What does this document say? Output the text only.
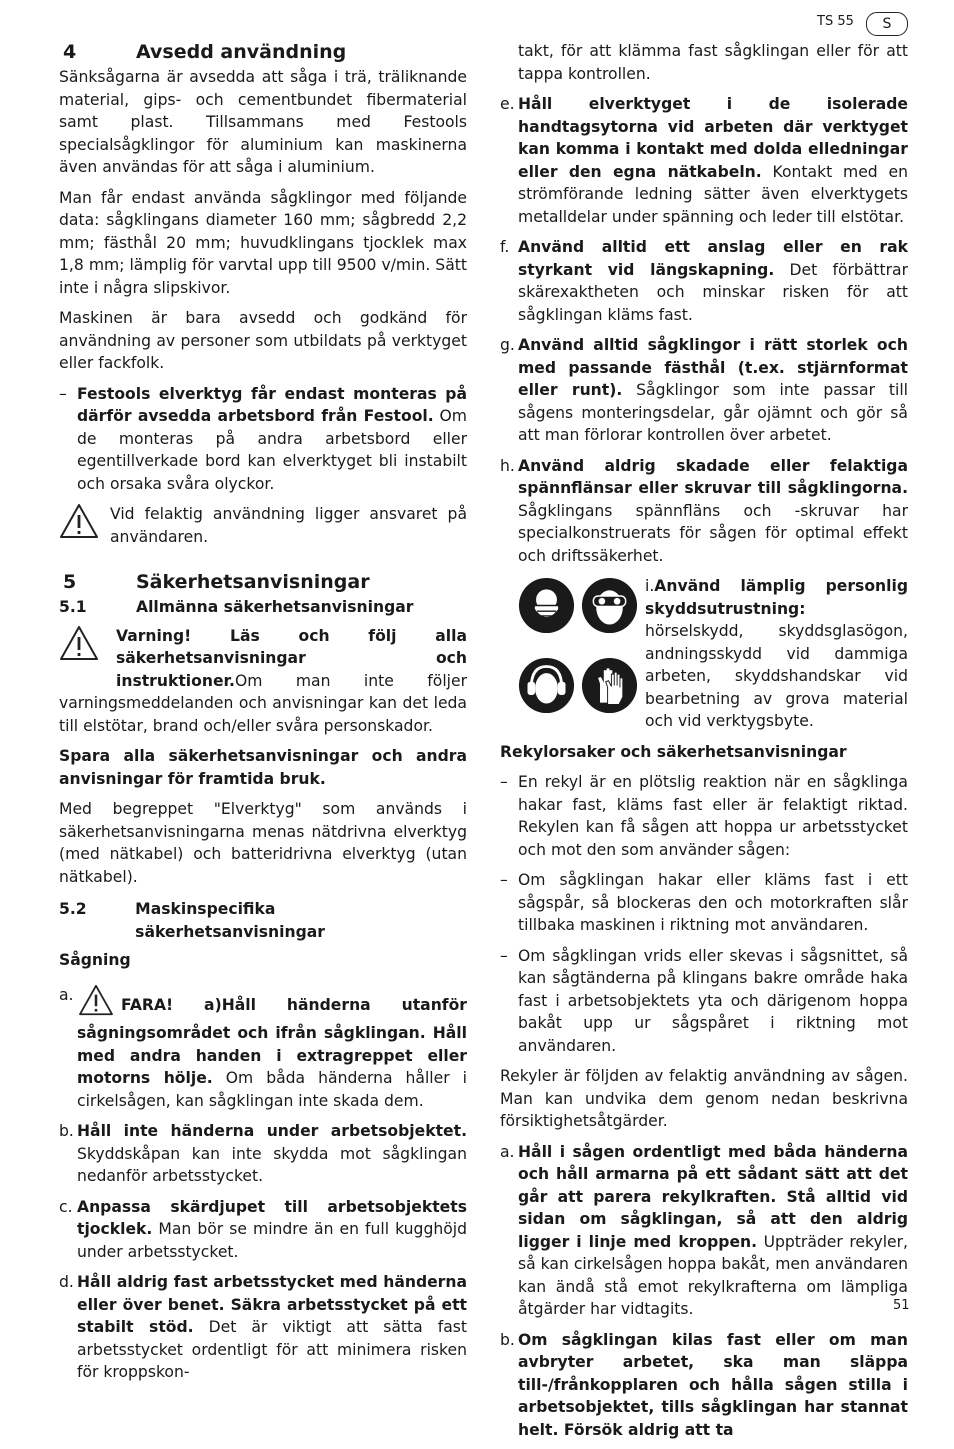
TS 55	S
4	Avsedd användning

Sänksågarna är avsedda att såga i trä, träliknande material, gips- och cementbundet fibermaterial samt plast. Tillsammans med Festools specialsågklingor för aluminium kan maskinerna även användas för att såga i aluminium.

Man får endast använda sågklingor med följande data: sågklingans diameter 160 mm; sågbredd 2,2 mm; fästhål 20 mm; huvudklingans tjocklek max 1,8 mm; lämplig för varvtal upp till 9500 v/min. Sätt inte i några slipskivor.

Maskinen är bara avsedd och godkänd för användning av personer som utbildats på verktyget eller fackfolk.

– Festools elverktyg får endast monteras på därför avsedda arbetsbord från Festool. Om de monteras på andra arbetsbord eller egentillverkade bord kan elverktyget bli instabilt och orsaka svåra olyckor.
Vid felaktig användning ligger ansvaret på användaren.
5	Säkerhetsanvisningar
5.1	Allmänna säkerhetsanvisningar
Varning! Läs och följ alla säkerhetsanvisningar och instruktioner.Om man inte följer varningsmeddelanden och anvisningar kan det leda till elstötar, brand och/eller svåra personskador.

Spara alla säkerhetsanvisningar och andra anvisningar för framtida bruk.

Med begreppet "Elverktyg" som används i säkerhetsanvisningarna menas nätdrivna elverktyg (med nätkabel) och batteridrivna elverktyg (utan nätkabel).

5.2	Maskinspecifika säkerhetsanvisningar
Sågning
a.
FARA! a)Håll händerna utanför sågningsområdet och ifrån sågklingan. Håll med andra handen i extragreppet eller motorns hölje. Om båda händerna håller i cirkelsågen, kan sågklingan inte skada dem.
b. Håll inte händerna under arbetsobjektet. Skyddskåpan kan inte skydda mot sågklingan nedanför arbetsstycket.
c. Anpassa skärdjupet till arbetsobjektets tjocklek. Man bör se mindre än en full kugghöjd under arbetsstycket.
d. Håll aldrig fast arbetsstycket med händerna eller över benet. Säkra arbetsstycket på ett stabilt stöd. Det är viktigt att sätta fast arbetsstycket ordentligt för att minimera risken för kroppskon-
takt, för att klämma fast sågklingan eller för att tappa kontrollen.
e. Håll elverktyget i de isolerade handtagsytorna vid arbeten där verktyget kan komma i kontakt med dolda elledningar eller den egna nätkabeln. Kontakt med en strömförande ledning sätter även elverktygets metalldelar under spänning och leder till elstötar.
f. Använd alltid ett anslag eller en rak styrkant vid längskapning. Det förbättrar skärexaktheten och minskar risken för att sågklingan kläms fast.
g. Använd alltid sågklingor i rätt storlek och med passande fästhål (t.ex. stjärnformat eller runt). Sågklingor som inte passar till sågens monteringsdelar, går ojämnt och gör så att man förlorar kontrollen över arbetet.
h. Använd aldrig skadade eller felaktiga spännflänsar eller skruvar till sågklingorna. Sågklingans spännfläns och -skruvar har specialkonstruerats för sågen för optimal effekt och driftssäkerhet.
i.Använd lämplig personlig skyddsutrustning: hörselskydd, skyddsglasögon, andningsskydd vid dammiga arbeten, skyddshandskar vid bearbetning av grova material och vid verktygsbyte.

Rekylorsaker och säkerhetsanvisningar

– En rekyl är en plötslig reaktion när en sågklinga hakar fast, kläms fast eller är felaktigt riktad. Rekylen kan få sågen att hoppa ur arbetsstycket och mot den som använder sågen:
– Om sågklingan hakar eller kläms fast i ett sågspår, så blockeras den och motorkraften slår tillbaka maskinen i riktning mot användaren.
– Om sågklingan vrids eller skevas i sågsnittet, så kan sågtänderna på klingans bakre område haka fast i arbetsobjektets yta och därigenom hoppa bakåt upp ur sågspåret i riktning mot användaren.

Rekyler är följden av felaktig användning av sågen. Man kan undvika dem genom nedan beskrivna försiktighetsåtgärder.

a. Håll i sågen ordentligt med båda händerna och håll armarna på ett sådant sätt att det går att parera rekylkraften. Stå alltid vid sidan om sågklingan, så att den aldrig ligger i linje med kroppen. Uppträder rekyler, så kan cirkelsågen hoppa bakåt, men användaren kan ändå stå emot rekylkrafterna om lämpliga åtgärder har vidtagits.
b. Om sågklingan kilas fast eller om man avbryter arbetet, ska man släppa till-/frånkopplaren och hålla sågen stilla i arbetsobjektet, tills sågklingan har stannat helt. Försök aldrig att ta
51
